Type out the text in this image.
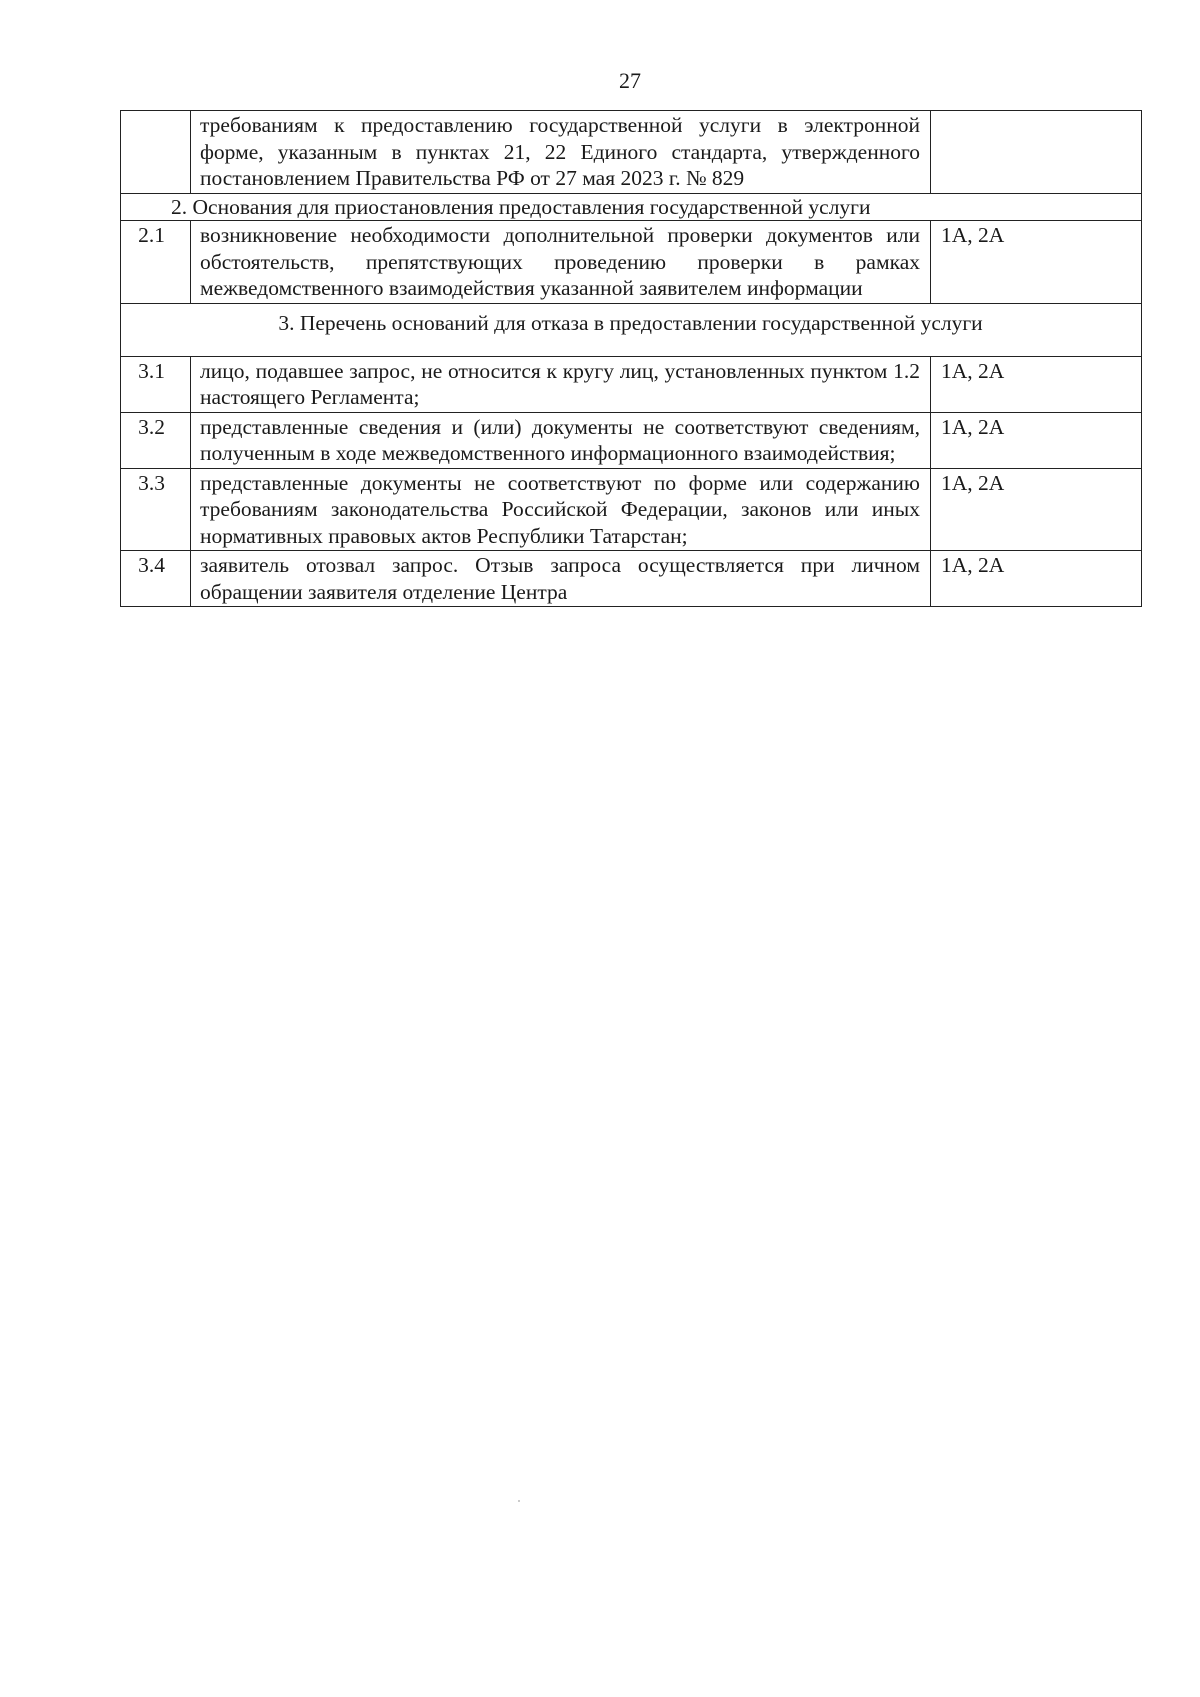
27
	требованиям к предоставлению государственной услуги в электронной форме, указанным в пунктах 21, 22 Единого стандарта, утвержденного постановлением Правительства РФ от 27 мая 2023 г. № 829	

2. Основания для приостановления предоставления государственной услуги		

2.1	возникновение необходимости дополнительной проверки документов или обстоятельств, препятствующих проведению проверки в рамках межведомственного взаимодействия указанной заявителем информации	1А, 2А
3. Перечень оснований для отказа в предоставлении государственной услуги		
3.1	лицо, подавшее запрос, не относится к кругу лиц, установленных пунктом 1.2 настоящего Регламента;	1А, 2А
3.2	представленные сведения и (или) документы не соответствуют сведениям, полученным в ходе межведомственного информационного взаимодействия;	1А, 2А
3.3	представленные документы не соответствуют по форме или содержанию требованиям законодательства Российской Федерации, законов или иных нормативных правовых актов Республики Татарстан;	1А, 2А
3.4	заявитель отозвал запрос. Отзыв запроса осуществляется при личном обращении заявителя отделение Центра	1А, 2А
